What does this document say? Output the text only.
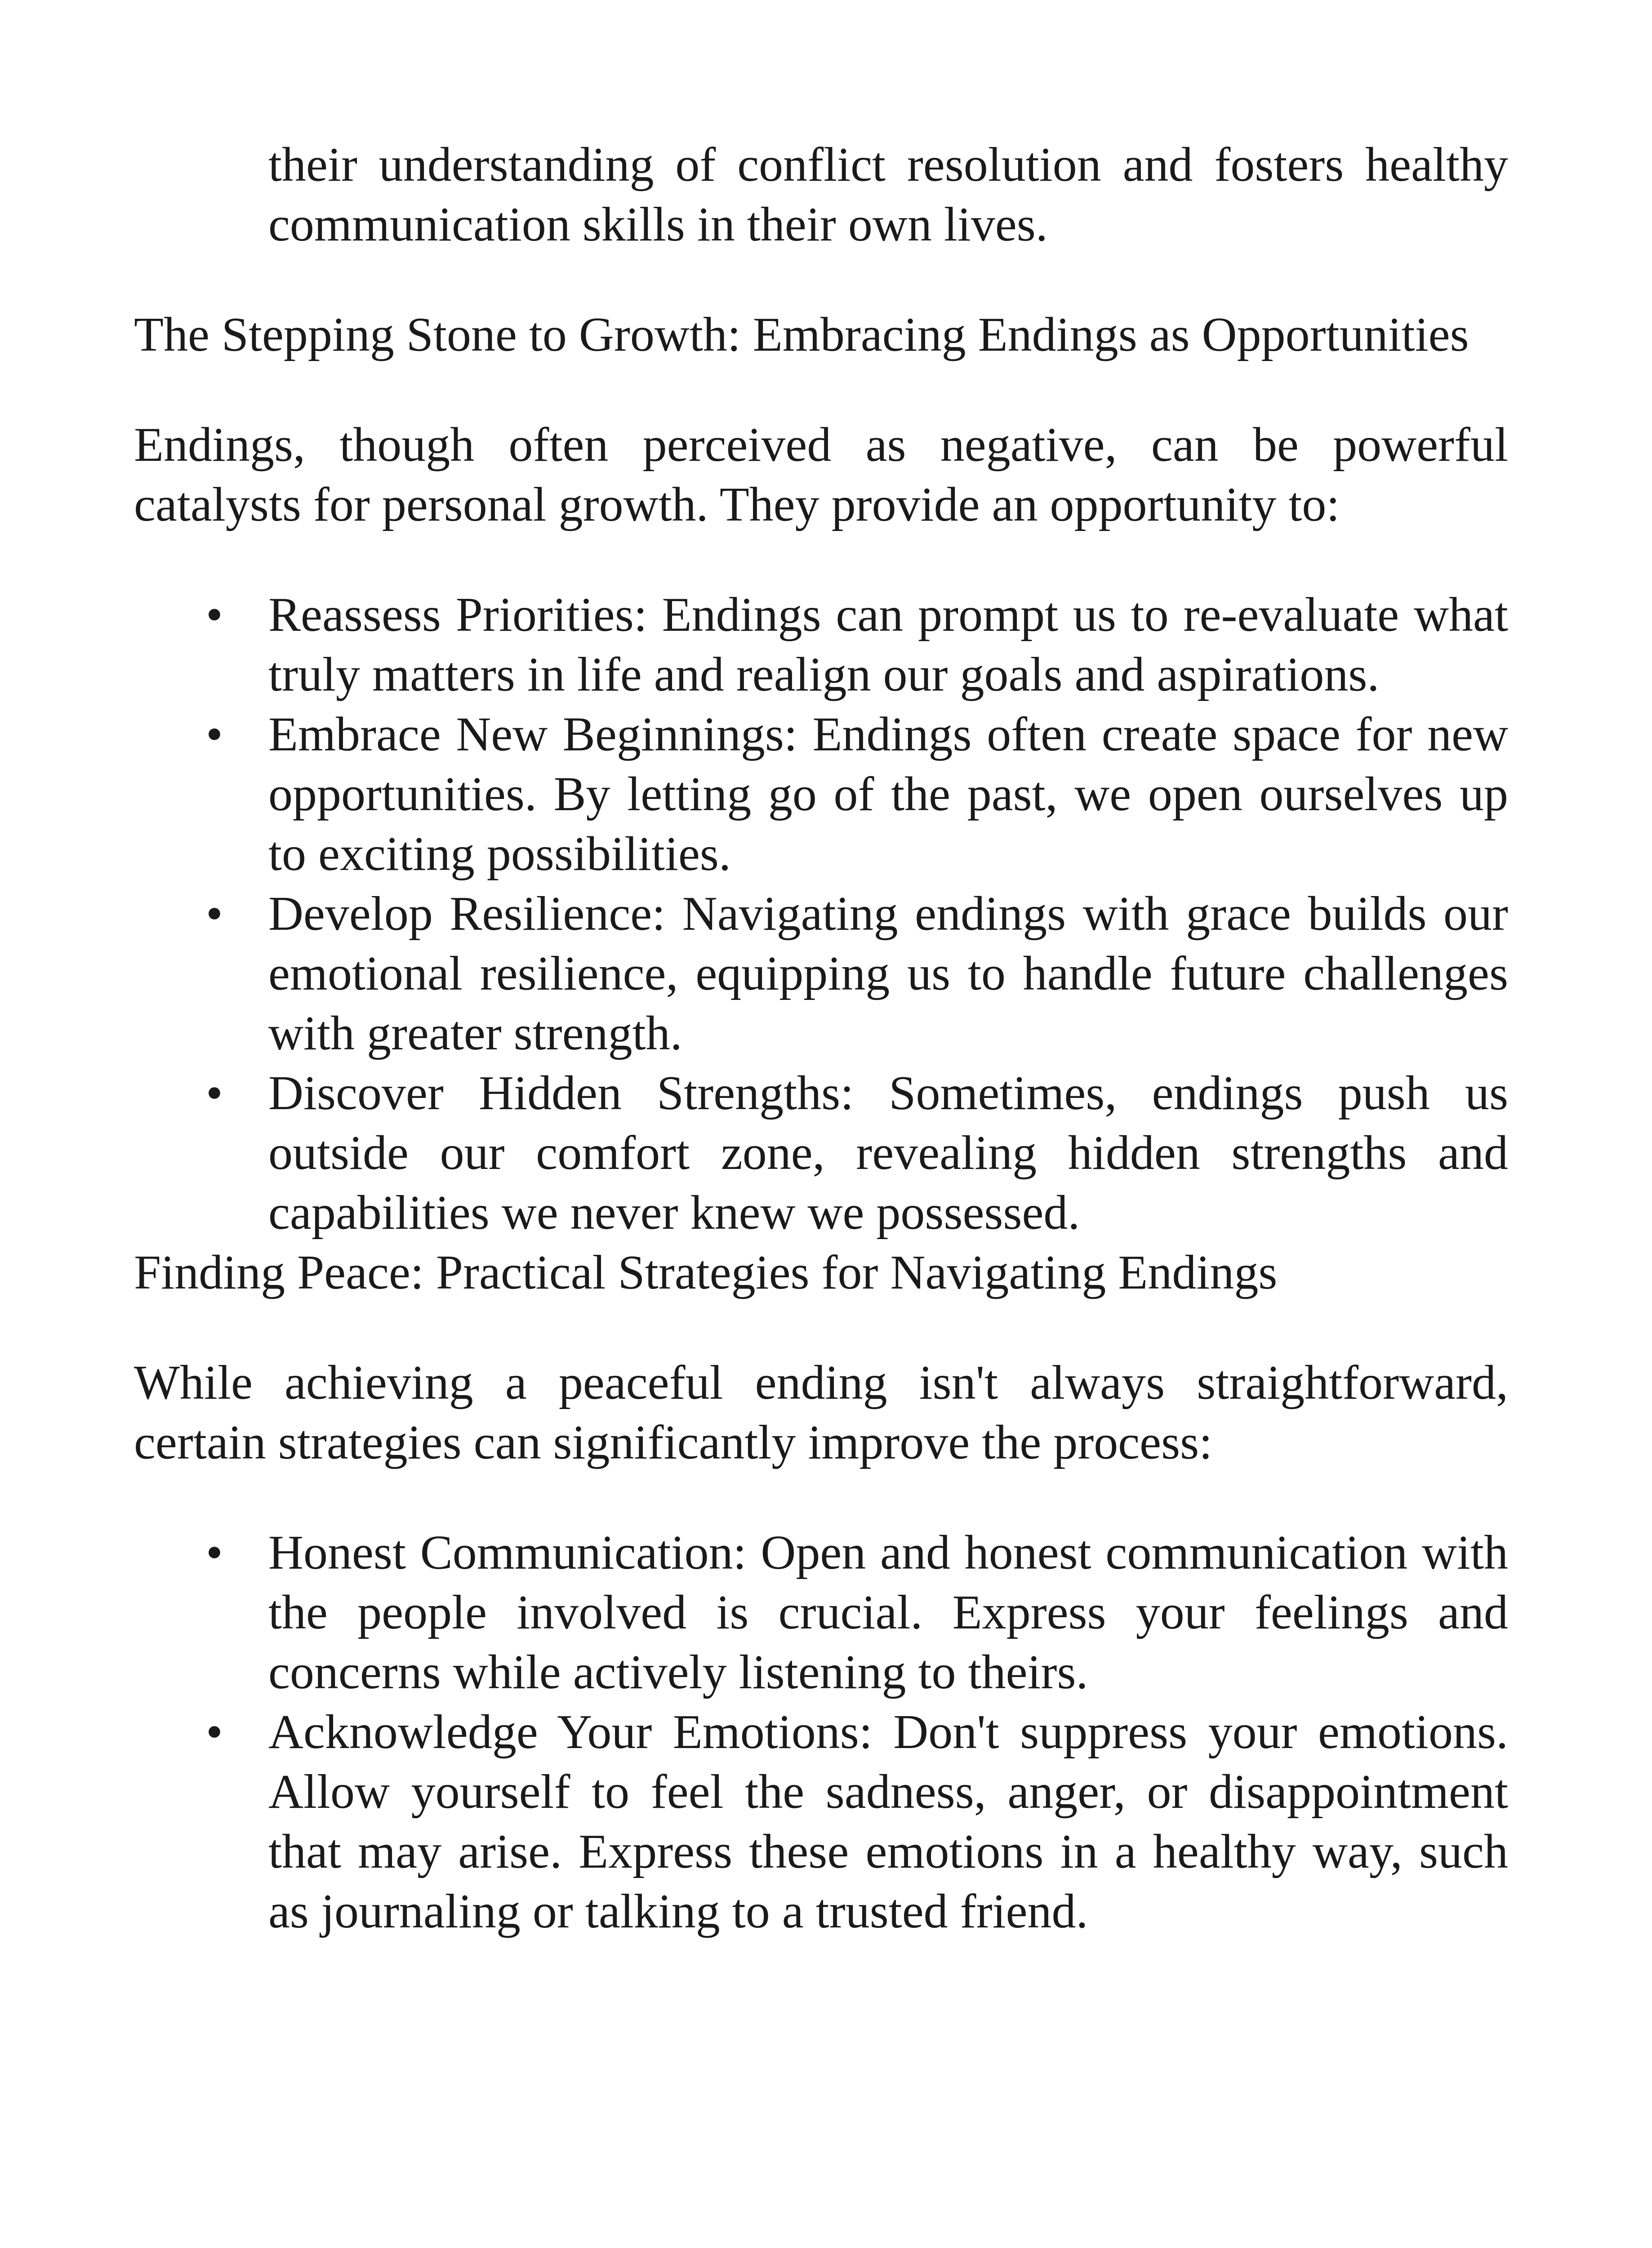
their understanding of conflict resolution and fosters healthy communication skills in their own lives.

The Stepping Stone to Growth: Embracing Endings as Opportunities

Endings, though often perceived as negative, can be powerful catalysts for personal growth. They provide an opportunity to:

• Reassess Priorities: Endings can prompt us to re-evaluate what truly matters in life and realign our goals and aspirations.
• Embrace New Beginnings: Endings often create space for new opportunities. By letting go of the past, we open ourselves up to exciting possibilities.
• Develop Resilience: Navigating endings with grace builds our emotional resilience, equipping us to handle future challenges with greater strength.
• Discover Hidden Strengths: Sometimes, endings push us outside our comfort zone, revealing hidden strengths and capabilities we never knew we possessed.

Finding Peace: Practical Strategies for Navigating Endings

While achieving a peaceful ending isn't always straightforward, certain strategies can significantly improve the process:

• Honest Communication: Open and honest communication with the people involved is crucial. Express your feelings and concerns while actively listening to theirs.
• Acknowledge Your Emotions: Don't suppress your emotions. Allow yourself to feel the sadness, anger, or disappointment that may arise. Express these emotions in a healthy way, such as journaling or talking to a trusted friend.
